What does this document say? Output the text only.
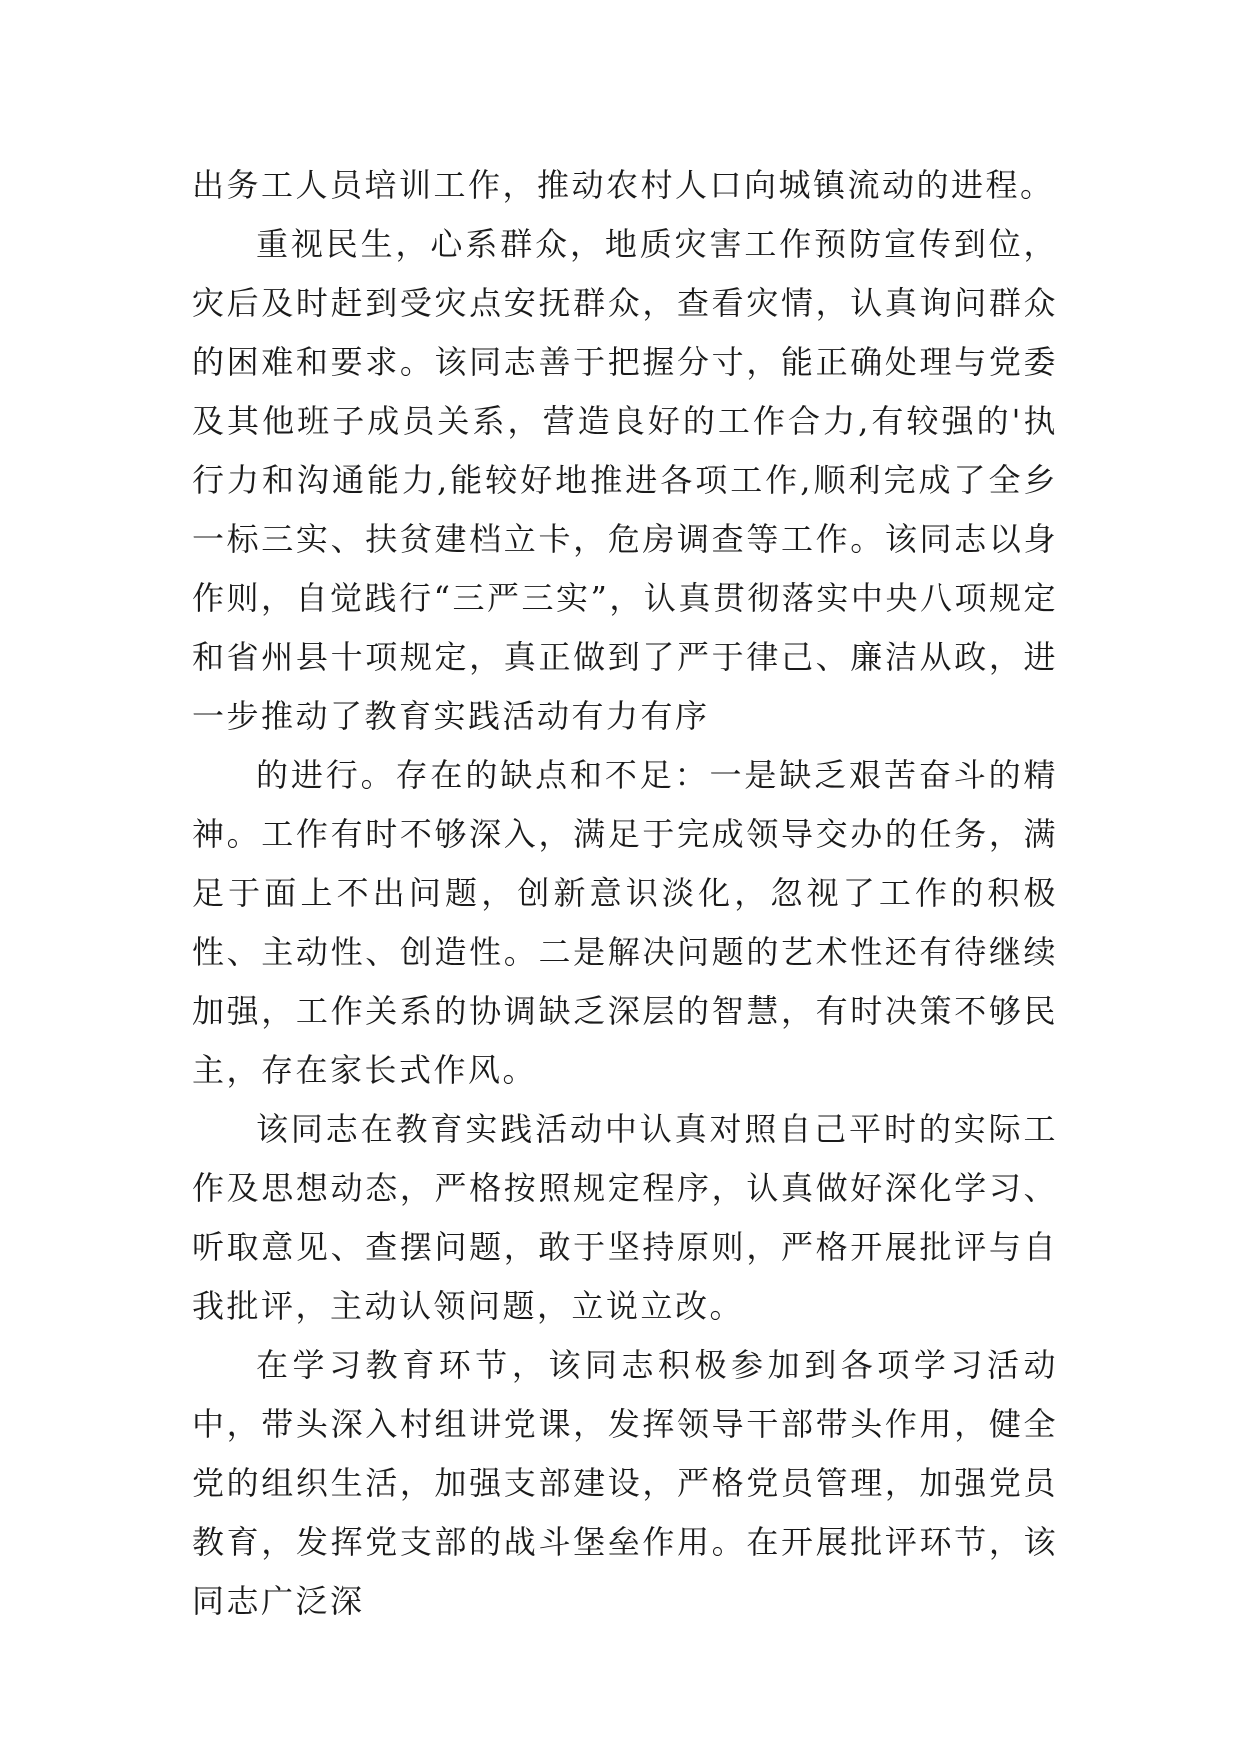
出务工人员培训工作，推动农村人口向城镇流动的进程。

重视民生，心系群众，地质灾害工作预防宣传到位，灾后及时赶到受灾点安抚群众，查看灾情，认真询问群众的困难和要求。该同志善于把握分寸，能正确处理与党委及其他班子成员关系，营造良好的工作合力,有较强的'执行力和沟通能力,能较好地推进各项工作,顺利完成了全乡一标三实、扶贫建档立卡，危房调查等工作。该同志以身作则，自觉践行“三严三实”，认真贯彻落实中央八项规定和省州县十项规定，真正做到了严于律己、廉洁从政，进一步推动了教育实践活动有力有序

的进行。存在的缺点和不足：一是缺乏艰苦奋斗的精神。工作有时不够深入，满足于完成领导交办的任务，满足于面上不出问题，创新意识淡化，忽视了工作的积极性、主动性、创造性。二是解决问题的艺术性还有待继续加强，工作关系的协调缺乏深层的智慧，有时决策不够民主，存在家长式作风。

该同志在教育实践活动中认真对照自己平时的实际工作及思想动态，严格按照规定程序，认真做好深化学习、听取意见、查摆问题，敢于坚持原则，严格开展批评与自我批评，主动认领问题，立说立改。

在学习教育环节，该同志积极参加到各项学习活动中，带头深入村组讲党课，发挥领导干部带头作用，健全党的组织生活，加强支部建设，严格党员管理，加强党员教育，发挥党支部的战斗堡垒作用。在开展批评环节，该同志广泛深
